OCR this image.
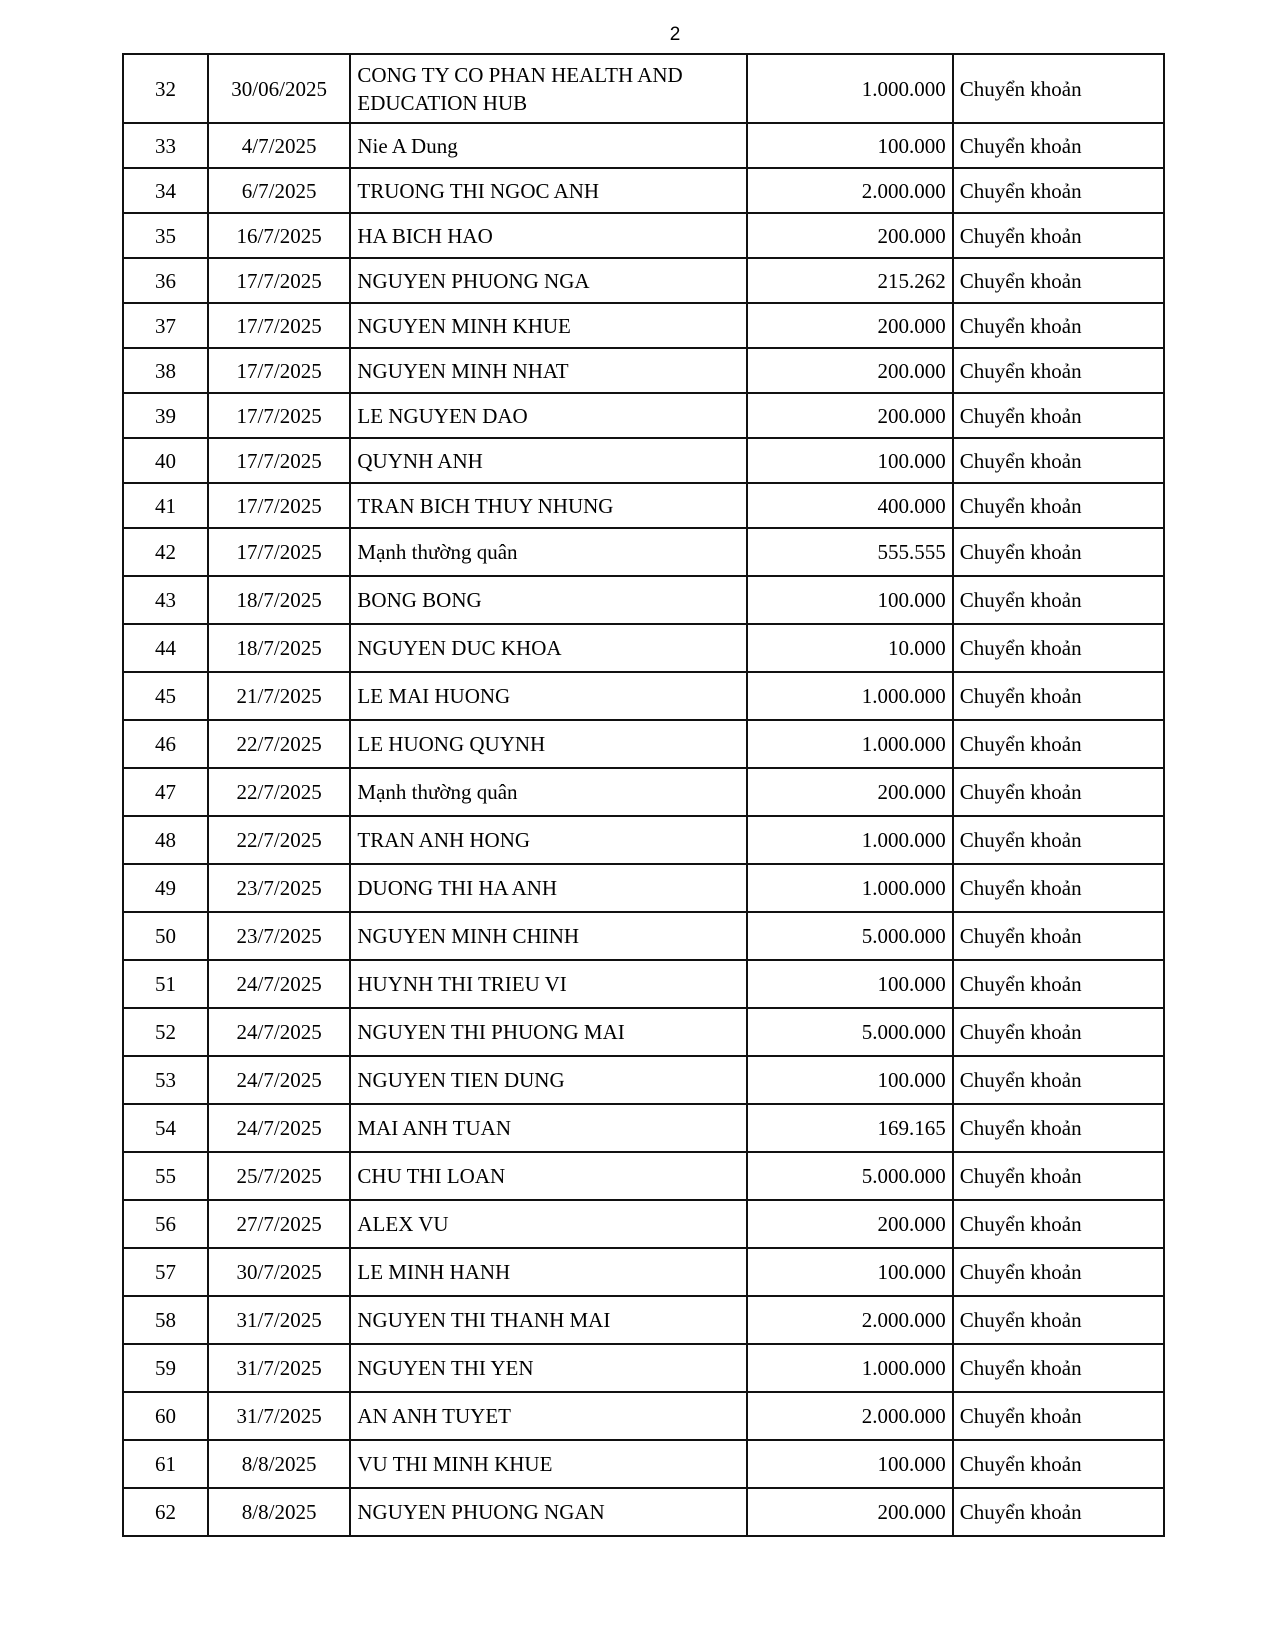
2
32	30/06/2025	CONG TY CO PHAN HEALTH AND EDUCATION HUB	1.000.000	Chuyển khoản
33	4/7/2025	Nie A Dung	100.000	Chuyển khoản
34	6/7/2025	TRUONG THI NGOC ANH	2.000.000	Chuyển khoản
35	16/7/2025	HA BICH HAO	200.000	Chuyển khoản
36	17/7/2025	NGUYEN PHUONG NGA	215.262	Chuyển khoản
37	17/7/2025	NGUYEN MINH KHUE	200.000	Chuyển khoản
38	17/7/2025	NGUYEN MINH NHAT	200.000	Chuyển khoản
39	17/7/2025	LE NGUYEN DAO	200.000	Chuyển khoản
40	17/7/2025	QUYNH ANH	100.000	Chuyển khoản
41	17/7/2025	TRAN BICH THUY NHUNG	400.000	Chuyển khoản
42	17/7/2025	Mạnh thường quân	555.555	Chuyển khoản
43	18/7/2025	BONG BONG	100.000	Chuyển khoản
44	18/7/2025	NGUYEN DUC KHOA	10.000	Chuyển khoản
45	21/7/2025	LE MAI HUONG	1.000.000	Chuyển khoản
46	22/7/2025	LE HUONG QUYNH	1.000.000	Chuyển khoản
47	22/7/2025	Mạnh thường quân	200.000	Chuyển khoản
48	22/7/2025	TRAN ANH HONG	1.000.000	Chuyển khoản
49	23/7/2025	DUONG THI HA ANH	1.000.000	Chuyển khoản
50	23/7/2025	NGUYEN MINH CHINH	5.000.000	Chuyển khoản
51	24/7/2025	HUYNH THI TRIEU VI	100.000	Chuyển khoản
52	24/7/2025	NGUYEN THI PHUONG MAI	5.000.000	Chuyển khoản
53	24/7/2025	NGUYEN TIEN DUNG	100.000	Chuyển khoản
54	24/7/2025	MAI ANH TUAN	169.165	Chuyển khoản
55	25/7/2025	CHU THI LOAN	5.000.000	Chuyển khoản
56	27/7/2025	ALEX VU	200.000	Chuyển khoản
57	30/7/2025	LE MINH HANH	100.000	Chuyển khoản
58	31/7/2025	NGUYEN THI THANH MAI	2.000.000	Chuyển khoản
59	31/7/2025	NGUYEN THI YEN	1.000.000	Chuyển khoản
60	31/7/2025	AN ANH TUYET	2.000.000	Chuyển khoản
61	8/8/2025	VU THI MINH KHUE	100.000	Chuyển khoản
62	8/8/2025	NGUYEN PHUONG NGAN	200.000	Chuyển khoản
